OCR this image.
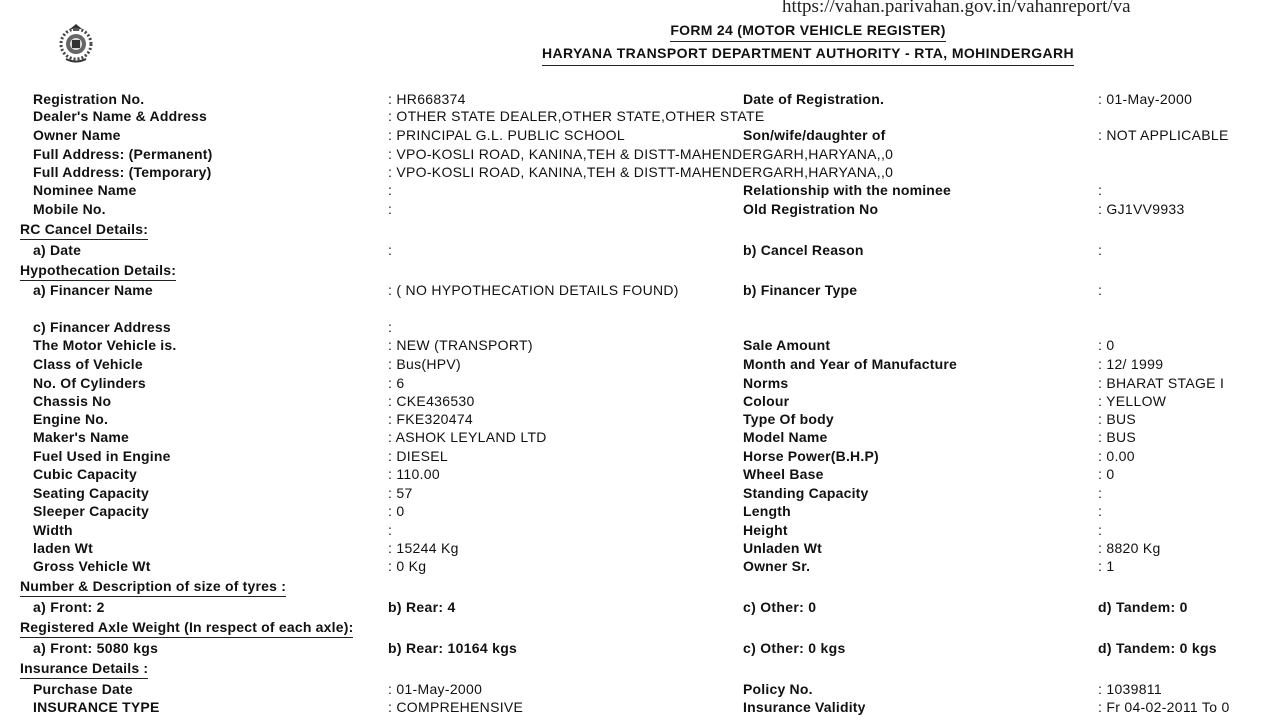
https://vahan.parivahan.gov.in/vahanreport/va
FORM 24 (MOTOR VEHICLE REGISTER)
HARYANA TRANSPORT DEPARTMENT AUTHORITY - RTA, MOHINDERGARH
Registration No.	: HR668374	Date of Registration.	: 01-May-2000
Dealer's Name & Address	: OTHER STATE DEALER,OTHER STATE,OTHER STATE
Owner Name	: PRINCIPAL G.L. PUBLIC SCHOOL	Son/wife/daughter of	: NOT APPLICABLE
Full Address: (Permanent)	: VPO-KOSLI ROAD, KANINA,TEH & DISTT-MAHENDERGARH,HARYANA,,0
Full Address: (Temporary)	: VPO-KOSLI ROAD, KANINA,TEH & DISTT-MAHENDERGARH,HARYANA,,0
Nominee Name	:	Relationship with the nominee	:
Mobile No.	:	Old Registration No	: GJ1VV9933
RC Cancel Details:
a) Date	:	b) Cancel Reason	:
Hypothecation Details:
a) Financer Name	: ( NO HYPOTHECATION DETAILS FOUND)	b) Financer Type	:
c) Financer Address	:
The Motor Vehicle is.	: NEW (TRANSPORT)	Sale Amount	: 0
Class of Vehicle	: Bus(HPV)	Month and Year of Manufacture	: 12/ 1999
No. Of Cylinders	: 6	Norms	: BHARAT STAGE I
Chassis No	: CKE436530	Colour	: YELLOW
Engine No.	: FKE320474	Type Of body	: BUS
Maker's Name	: ASHOK LEYLAND LTD	Model Name	: BUS
Fuel Used in Engine	: DIESEL	Horse Power(B.H.P)	: 0.00
Cubic Capacity	: 110.00	Wheel Base	: 0
Seating Capacity	: 57	Standing Capacity	:
Sleeper Capacity	: 0	Length	:
Width	:	Height	:
laden Wt	: 15244 Kg	Unladen Wt	: 8820 Kg
Gross Vehicle Wt	: 0 Kg	Owner Sr.	: 1
Number & Description of size of tyres :
a) Front: 2	b) Rear: 4	c) Other: 0	d) Tandem: 0
Registered Axle Weight (In respect of each axle):
a) Front: 5080 kgs	b) Rear: 10164 kgs	c) Other: 0 kgs	d) Tandem: 0 kgs
Insurance Details :
Purchase Date	: 01-May-2000	Policy No.	: 1039811
INSURANCE TYPE	: COMPREHENSIVE	Insurance Validity	: Fr 04-02-2011 To 0
